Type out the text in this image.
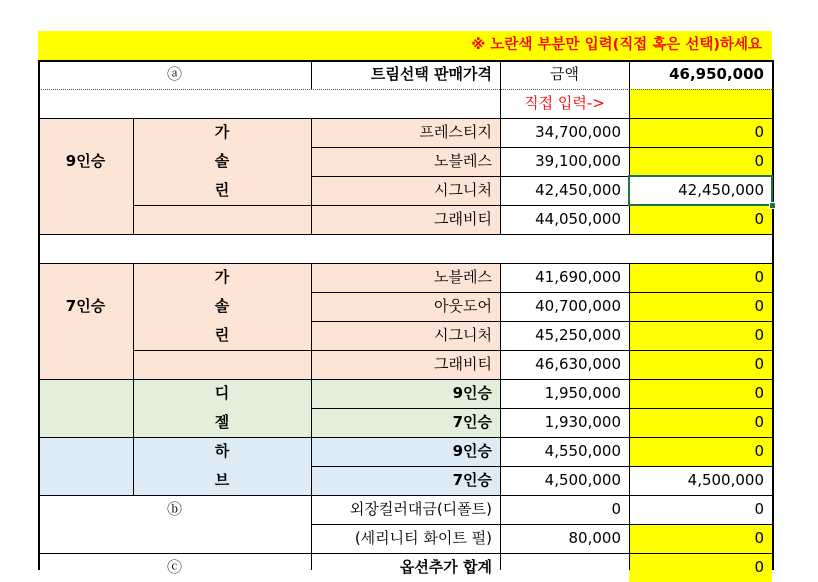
※ 노란색 부분만 입력(직접 혹은 선택)하세요
ⓐ	트림선택 판매가격	금액	46,950,000
직접 입력->
9인승
가
솔
린
프레스티지	34,700,000	0
노블레스	39,100,000	0
시그니처	42,450,000	42,450,000
그래비티	44,050,000	0
7인승
가
솔
린
노블레스	41,690,000	0
아웃도어	40,700,000	0
시그니처	45,250,000	0
그래비티	46,630,000	0
디	9인승	1,950,000	0
젤	7인승	1,930,000	0
하	9인승	4,550,000	0
브	7인승	4,500,000	4,500,000
ⓑ	외장컬러대금(디폴트)	0	0
(세리니티 화이트 펄)	80,000	0
ⓒ	옵션추가 합계	0
